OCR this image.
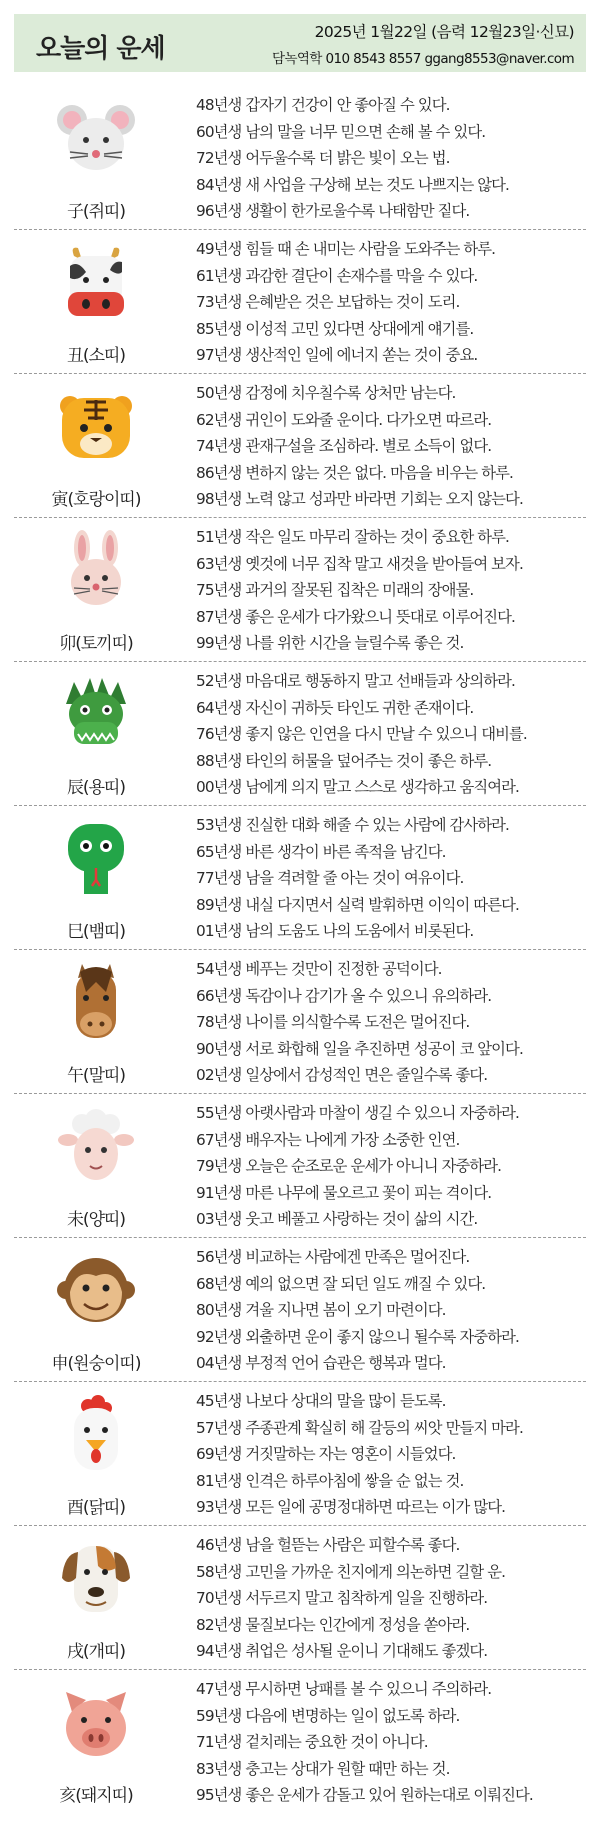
오늘의 운세
2025년 1월22일 (음력 12월23일·신묘)
담녹역학 010 8543 8557 ggang8553@naver.com
子(쥐띠)
48년생 갑자기 건강이 안 좋아질 수 있다.
60년생 남의 말을 너무 믿으면 손해 볼 수 있다.
72년생 어두울수록 더 밝은 빛이 오는 법.
84년생 새 사업을 구상해 보는 것도 나쁘지는 않다.
96년생 생활이 한가로울수록 나태함만 짙다.
丑(소띠)
49년생 힘들 때 손 내미는 사람을 도와주는 하루.
61년생 과감한 결단이 손재수를 막을 수 있다.
73년생 은혜받은 것은 보답하는 것이 도리.
85년생 이성적 고민 있다면 상대에게 얘기를.
97년생 생산적인 일에 에너지 쏟는 것이 중요.
寅(호랑이띠)
50년생 감정에 치우칠수록 상처만 남는다.
62년생 귀인이 도와줄 운이다. 다가오면 따르라.
74년생 관재구설을 조심하라. 별로 소득이 없다.
86년생 변하지 않는 것은 없다. 마음을 비우는 하루.
98년생 노력 않고 성과만 바라면 기회는 오지 않는다.
卯(토끼띠)
51년생 작은 일도 마무리 잘하는 것이 중요한 하루.
63년생 옛것에 너무 집착 말고 새것을 받아들여 보자.
75년생 과거의 잘못된 집착은 미래의 장애물.
87년생 좋은 운세가 다가왔으니 뜻대로 이루어진다.
99년생 나를 위한 시간을 늘릴수록 좋은 것.
辰(용띠)
52년생 마음대로 행동하지 말고 선배들과 상의하라.
64년생 자신이 귀하듯 타인도 귀한 존재이다.
76년생 좋지 않은 인연을 다시 만날 수 있으니 대비를.
88년생 타인의 허물을 덮어주는 것이 좋은 하루.
00년생 남에게 의지 말고 스스로 생각하고 움직여라.
巳(뱀띠)
53년생 진실한 대화 해줄 수 있는 사람에 감사하라.
65년생 바른 생각이 바른 족적을 남긴다.
77년생 남을 격려할 줄 아는 것이 여유이다.
89년생 내실 다지면서 실력 발휘하면 이익이 따른다.
01년생 남의 도움도 나의 도움에서 비롯된다.
午(말띠)
54년생 베푸는 것만이 진정한 공덕이다.
66년생 독감이나 감기가 올 수 있으니 유의하라.
78년생 나이를 의식할수록 도전은 멀어진다.
90년생 서로 화합해 일을 추진하면 성공이 코 앞이다.
02년생 일상에서 감성적인 면은 줄일수록 좋다.
未(양띠)
55년생 아랫사람과 마찰이 생길 수 있으니 자중하라.
67년생 배우자는 나에게 가장 소중한 인연.
79년생 오늘은 순조로운 운세가 아니니 자중하라.
91년생 마른 나무에 물오르고 꽃이 피는 격이다.
03년생 웃고 베풀고 사랑하는 것이 삶의 시간.
申(원숭이띠)
56년생 비교하는 사람에겐 만족은 멀어진다.
68년생 예의 없으면 잘 되던 일도 깨질 수 있다.
80년생 겨울 지나면 봄이 오기 마련이다.
92년생 외출하면 운이 좋지 않으니 될수록 자중하라.
04년생 부정적 언어 습관은 행복과 멀다.
酉(닭띠)
45년생 나보다 상대의 말을 많이 듣도록.
57년생 주종관계 확실히 해 갈등의 씨앗 만들지 마라.
69년생 거짓말하는 자는 영혼이 시들었다.
81년생 인격은 하루아침에 쌓을 순 없는 것.
93년생 모든 일에 공명정대하면 따르는 이가 많다.
戌(개띠)
46년생 남을 헐뜯는 사람은 피할수록 좋다.
58년생 고민을 가까운 친지에게 의논하면 길할 운.
70년생 서두르지 말고 침착하게 일을 진행하라.
82년생 물질보다는 인간에게 정성을 쏟아라.
94년생 취업은 성사될 운이니 기대해도 좋겠다.
亥(돼지띠)
47년생 무시하면 낭패를 볼 수 있으니 주의하라.
59년생 다음에 변명하는 일이 없도록 하라.
71년생 겉치레는 중요한 것이 아니다.
83년생 충고는 상대가 원할 때만 하는 것.
95년생 좋은 운세가 감돌고 있어 원하는대로 이뤄진다.
